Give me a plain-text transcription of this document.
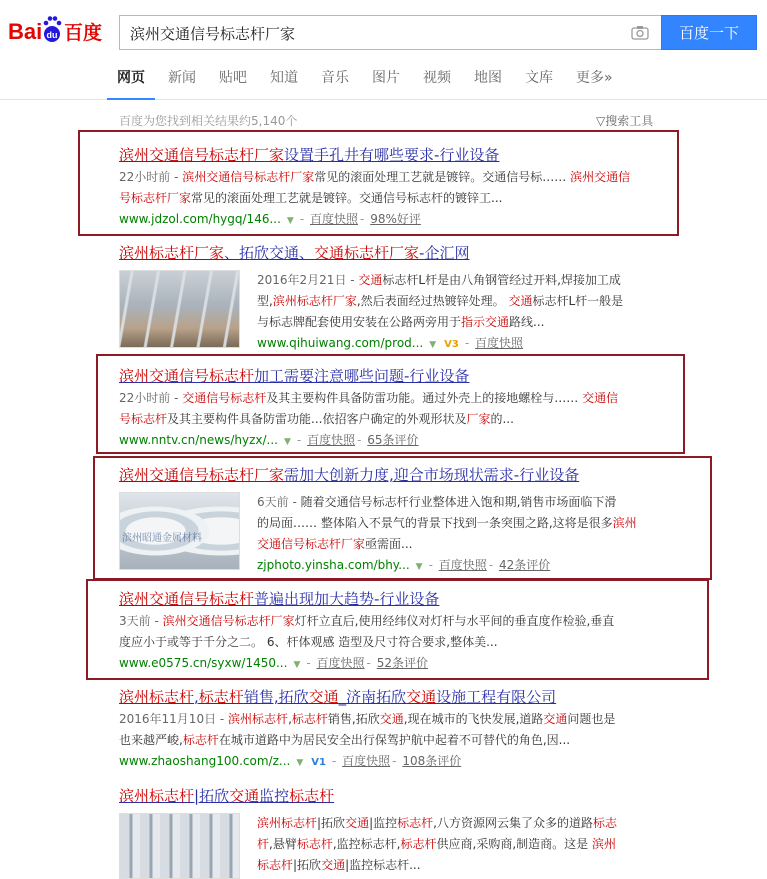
Bai du 百度 滨州交通信号标志杆厂家	百度一下
网页 新闻 贴吧 知道 音乐 图片 视频 地图 文库 更多»
百度为您找到相关结果约5,140个	▽搜索工具
滨州交通信号标志杆厂家设置手孔井有哪些要求-行业设备
22小时前 - 滨州交通信号标志杆厂家常见的滚面处理工艺就是镀锌。交通信号标…… 滨州交通信
号标志杆厂家常见的滚面处理工艺就是镀锌。交通信号标志杆的镀锌工...
www.jdzol.com/hygq/146... ▼ - 百度快照 - 98%好评
滨州标志杆厂家、拓欣交通、交通标志杆厂家-企汇网
2016年2月21日 - 交通标志杆L杆是由八角钢管经过开料,焊接加工成
型,滨州标志杆厂家,然后表面经过热镀锌处理。 交通标志杆L杆一般是
与标志牌配套使用安装在公路两旁用于指示交通路线...
www.qihuiwang.com/prod... ▼ V3 - 百度快照
滨州交通信号标志杆加工需要注意哪些问题-行业设备
22小时前 - 交通信号标志杆及其主要构件具备防雷功能。通过外壳上的接地螺栓与…… 交通信
号标志杆及其主要构件具备防雷功能...依招客户确定的外观形状及厂家的...
www.nntv.cn/news/hyzx/... ▼ - 百度快照 - 65条评价
滨州交通信号标志杆厂家需加大创新力度,迎合市场现状需求-行业设备
滨州昭通金属材料
6天前 - 随着交通信号标志杆行业整体进入饱和期,销售市场面临下滑
的局面…… 整体陷入不景气的背景下找到一条突围之路,这将是很多滨州
交通信号标志杆厂家亟需面...
zjphoto.yinsha.com/bhy... ▼ - 百度快照 - 42条评价
滨州交通信号标志杆普遍出现加大趋势-行业设备
3天前 - 滨州交通信号标志杆厂家灯杆立直后,使用经纬仪对灯杆与水平间的垂直度作检验,垂直
度应小于或等于千分之二。 6、杆体观感 造型及尺寸符合要求,整体美...
www.e0575.cn/syxw/1450... ▼ - 百度快照 - 52条评价
滨州标志杆,标志杆销售,拓欣交通_济南拓欣交通设施工程有限公司
2016年11月10日 - 滨州标志杆,标志杆销售,拓欣交通,现在城市的飞快发展,道路交通问题也是
也来越严峻,标志杆在城市道路中为居民安全出行保驾护航中起着不可替代的角色,因...
www.zhaoshang100.com/z... ▼ V1 - 百度快照 - 108条评价
滨州标志杆|拓欣交通监控标志杆
滨州标志杆|拓欣交通|监控标志杆,八方资源网云集了众多的道路标志
杆,悬臂标志杆,监控标志杆,标志杆供应商,采购商,制造商。这是 滨州
标志杆|拓欣交通|监控标志杆...
